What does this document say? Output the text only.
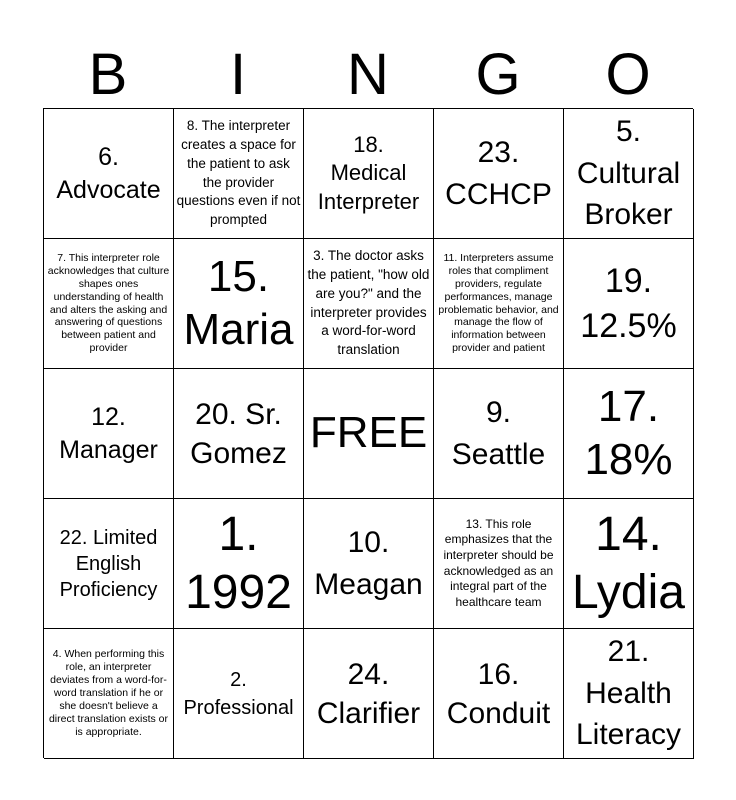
B	I	N	G	O
6.
Advocate
8. The interpreter creates a space for the patient to ask the provider questions even if not prompted
18.
Medical Interpreter
23.
CCHCP
5.
Cultural Broker
7. This interpreter role acknowledges that culture shapes ones understanding of health and alters the asking and answering of questions between patient and provider
15.
Maria
3. The doctor asks the patient, "how old are you?" and the interpreter provides a word-for-word translation
11. Interpreters assume roles that compliment providers, regulate performances, manage problematic behavior, and manage the flow of information between provider and patient
19.
12.5%
12.
Manager
20. Sr. Gomez FREE	9.
Seattle
17.
18%
22. Limited English Proficiency
1.
1992
10.
Meagan
13. This role emphasizes that the interpreter should be acknowledged as an integral part of the healthcare team
14.
Lydia
4. When performing this role, an interpreter deviates from a word-for-word translation if he or she doesn't believe a direct translation exists or is appropriate.
2.
Professional
24.
Clarifier
16.
Conduit
21.
Health Literacy
